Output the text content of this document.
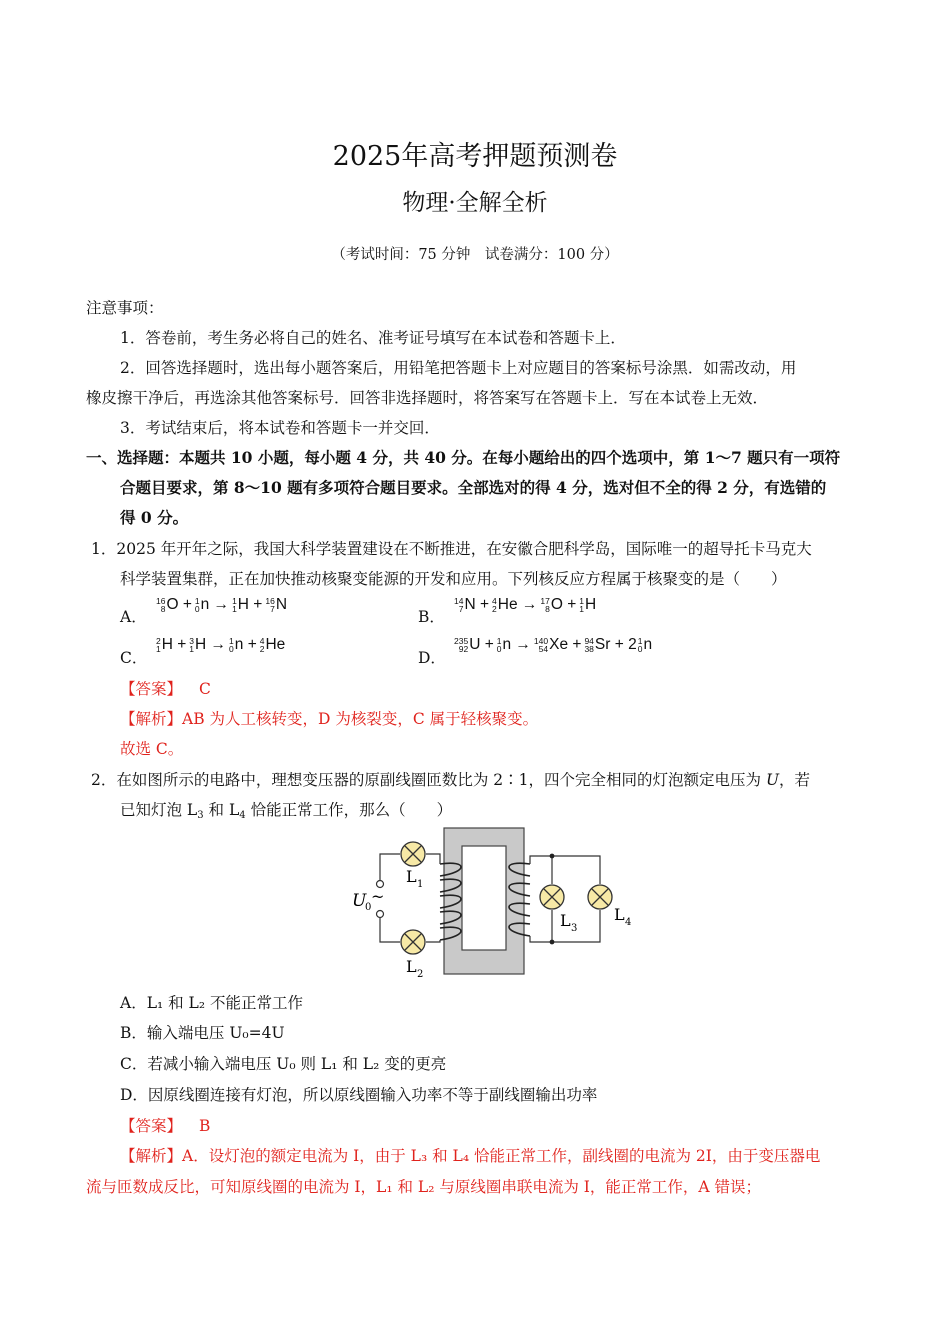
2025年高考押题预测卷
物理·全解全析
（考试时间：75 分钟　试卷满分：100 分）
注意事项：
1．答卷前，考生务必将自己的姓名、准考证号填写在本试卷和答题卡上．
2．回答选择题时，选出每小题答案后，用铅笔把答题卡上对应题目的答案标号涂黑．如需改动，用
橡皮擦干净后，再选涂其他答案标号．回答非选择题时，将答案写在答题卡上．写在本试卷上无效．
3．考试结束后，将本试卷和答题卡一并交回．
一、选择题：本题共 10 小题，每小题 4 分，共 40 分。在每小题给出的四个选项中，第 1～7 题只有一项符
合题目要求，第 8～10 题有多项符合题目要求。全部选对的得 4 分，选对但不全的得 2 分，有选错的
得 0 分。
1．2025 年开年之际，我国大科学装置建设在不断推进，在安徽合肥科学岛，国际唯一的超导托卡马克大
科学装置集群，正在加快推动核聚变能源的开发和应用。下列核反应方程属于核聚变的是（　　）
A．
16
8 O + 1
0 n → 1
1 H + 16
7 N
B．
14
7 N + 4
2 He → 17
8 O + 1
1 H
C．
2
1 H + 3
1 H → 1
0 n + 4
2 He
D．
235
92 U + 1
0 n → 140
54 Xe + 94
38 Sr + 2 1
0 n
【答案】 C
【解析】AB 为人工核转变，D 为核裂变，C 属于轻核聚变。
故选 C。
2．在如图所示的电路中，理想变压器的原副线圈匝数比为 2∶1，四个完全相同的灯泡额定电压为 U，若
已知灯泡 $L_3$ 和 $L_4$ 恰能正常工作，那么（　　）
U
0
~
L 1
L 2
L 3
L 4
A．L₁ 和 L₂ 不能正常工作
B．输入端电压 U₀=4U
C．若减小输入端电压 U₀ 则 L₁ 和 L₂ 变的更亮
D．因原线圈连接有灯泡，所以原线圈输入功率不等于副线圈输出功率
【答案】 B
【解析】A．设灯泡的额定电流为 I，由于 L₃ 和 L₄ 恰能正常工作，副线圈的电流为 2I，由于变压器电
流与匝数成反比，可知原线圈的电流为 I，L₁ 和 L₂ 与原线圈串联电流为 I，能正常工作，A 错误；
